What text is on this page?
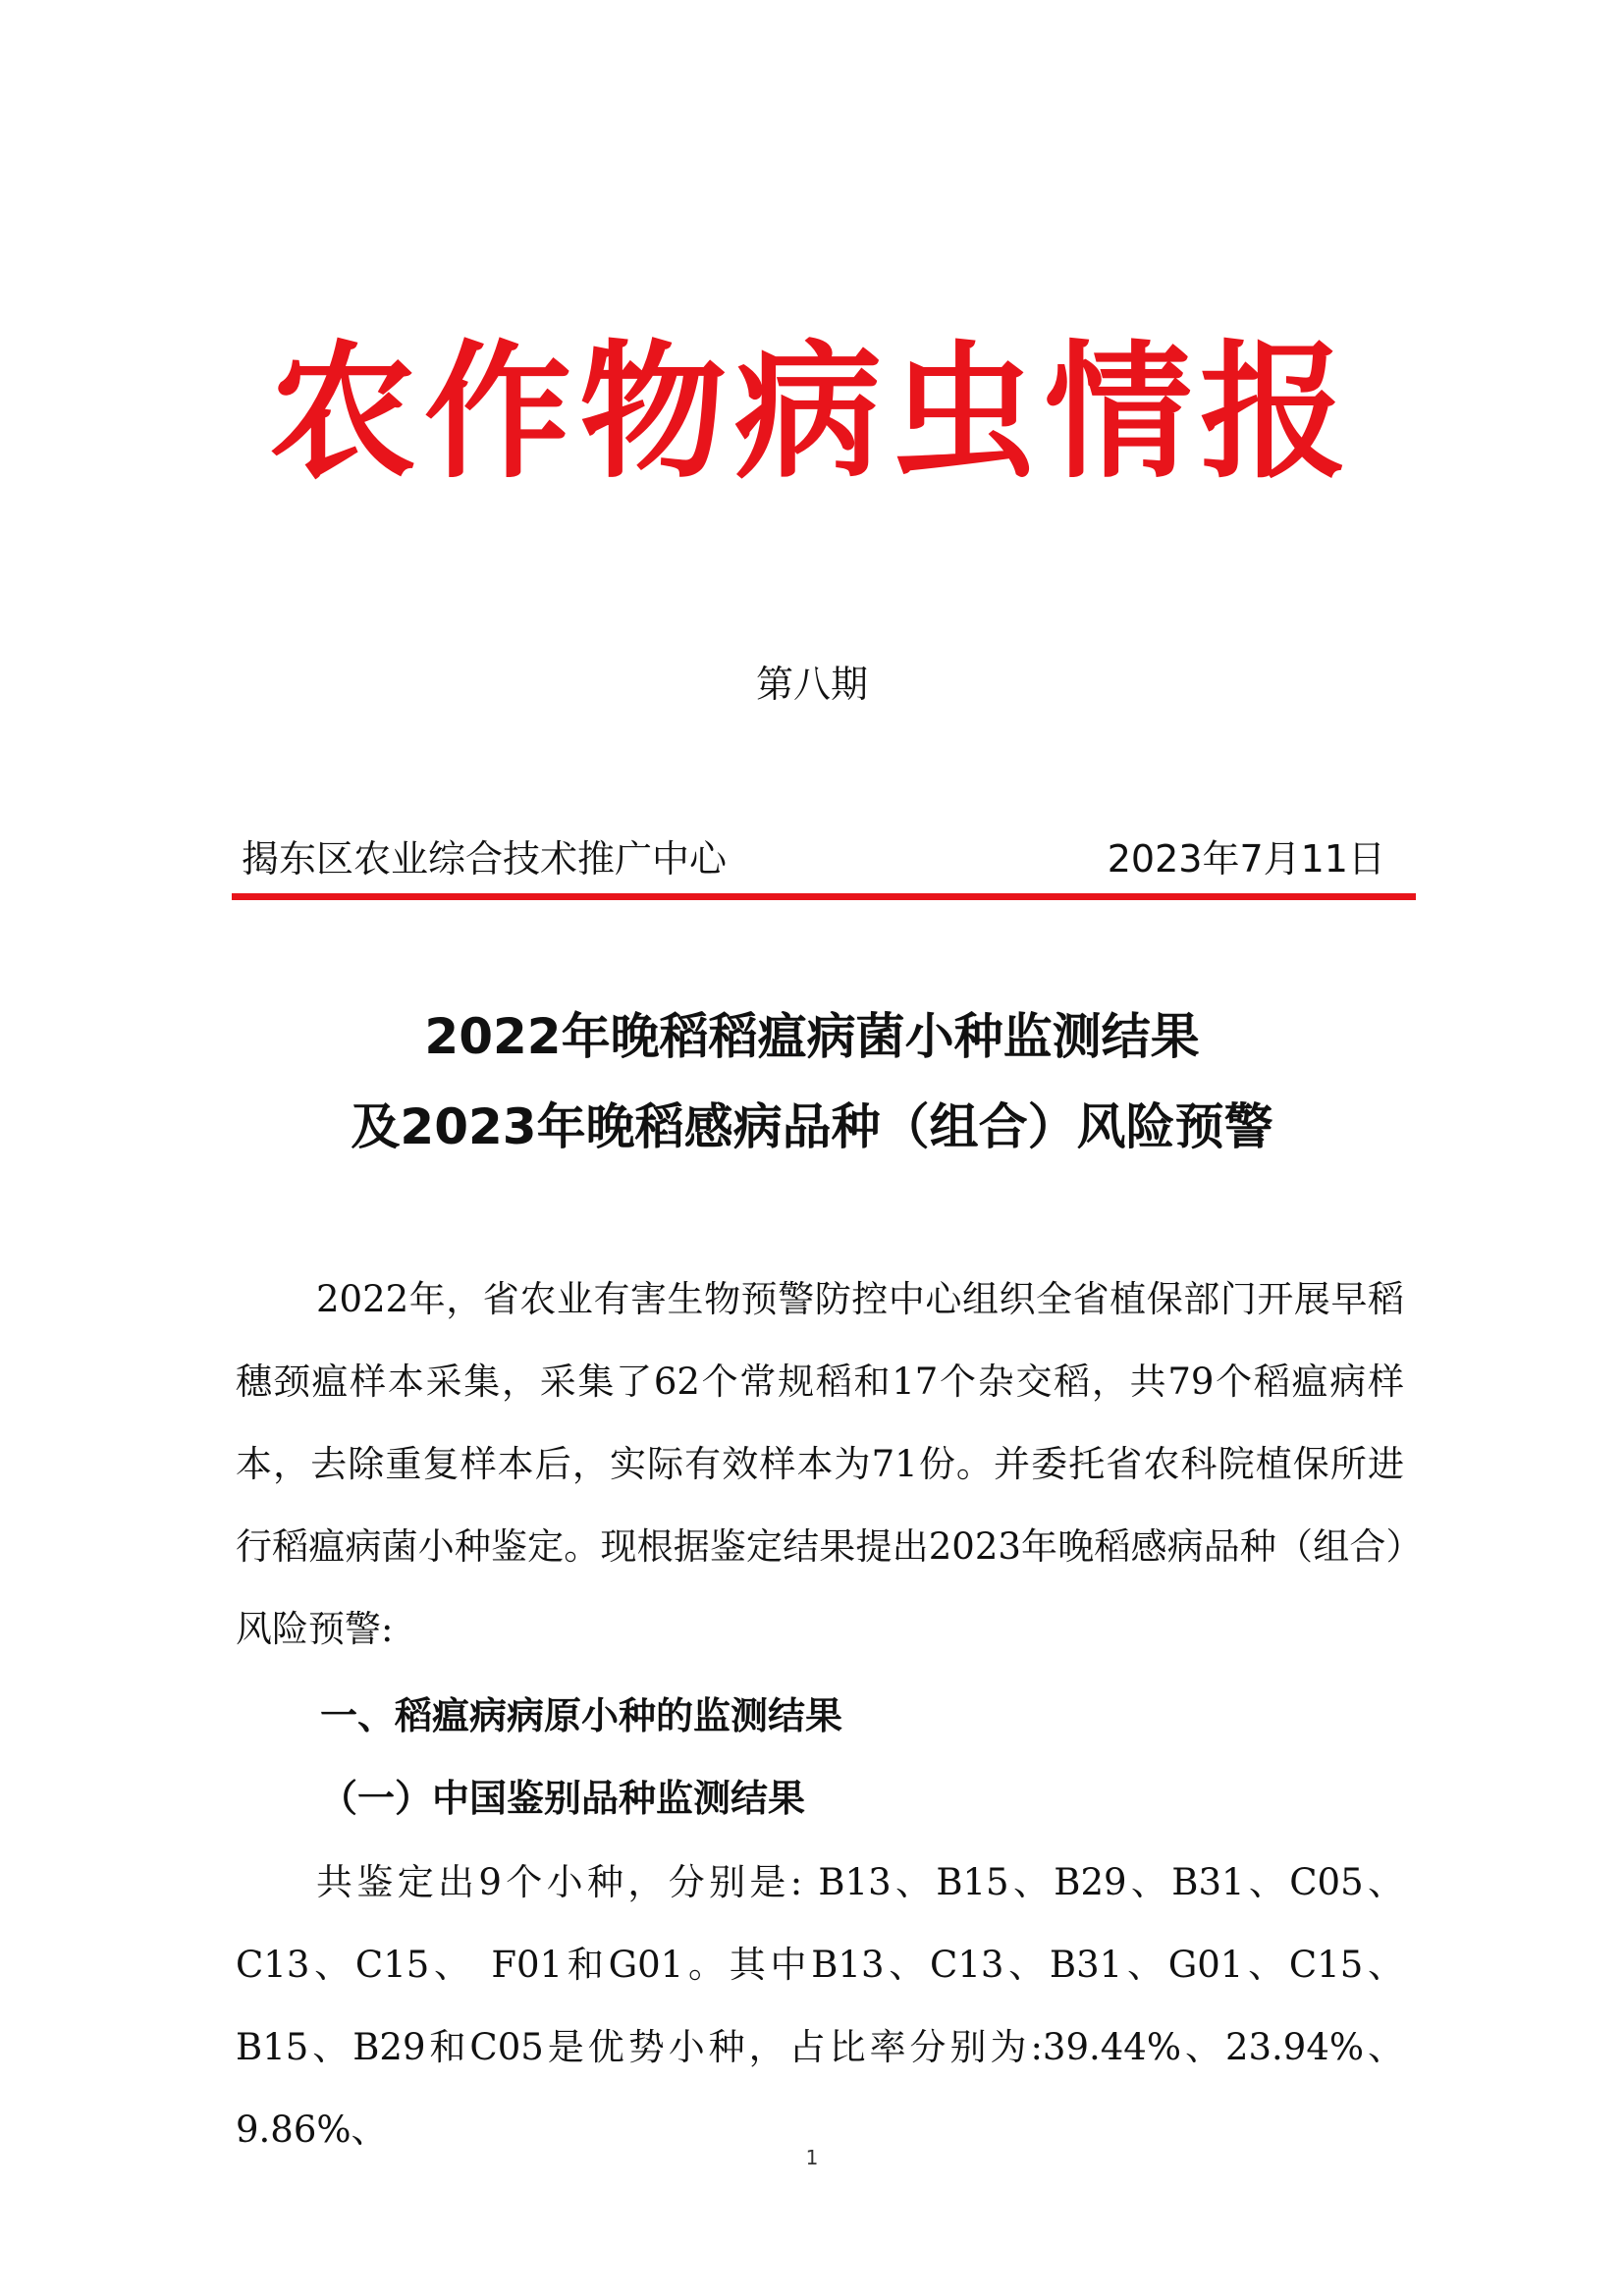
农作物病虫情报
第八期
揭东区农业综合技术推广中心	2023年7月11日
2022年晚稻稻瘟病菌小种监测结果
及2023年晚稻感病品种（组合）风险预警

2022年，省农业有害生物预警防控中心组织全省植保部门开展早稻穗颈瘟样本采集，采集了62个常规稻和17个杂交稻，共79个稻瘟病样本，去除重复样本后，实际有效样本为71份。并委托省农科院植保所进行稻瘟病菌小种鉴定。现根据鉴定结果提出2023年晚稻感病品种（组合）风险预警:

一、稻瘟病病原小种的监测结果
（一）中国鉴别品种监测结果

共鉴定出9个小种，分别是: B13、B15、B29、B31、C05、C13、C15、 F01和G01。其中B13、C13、B31、G01、C15、B15、B29和C05是优势小种，占比率分别为:39.44%、23.94%、9.86%、

1
